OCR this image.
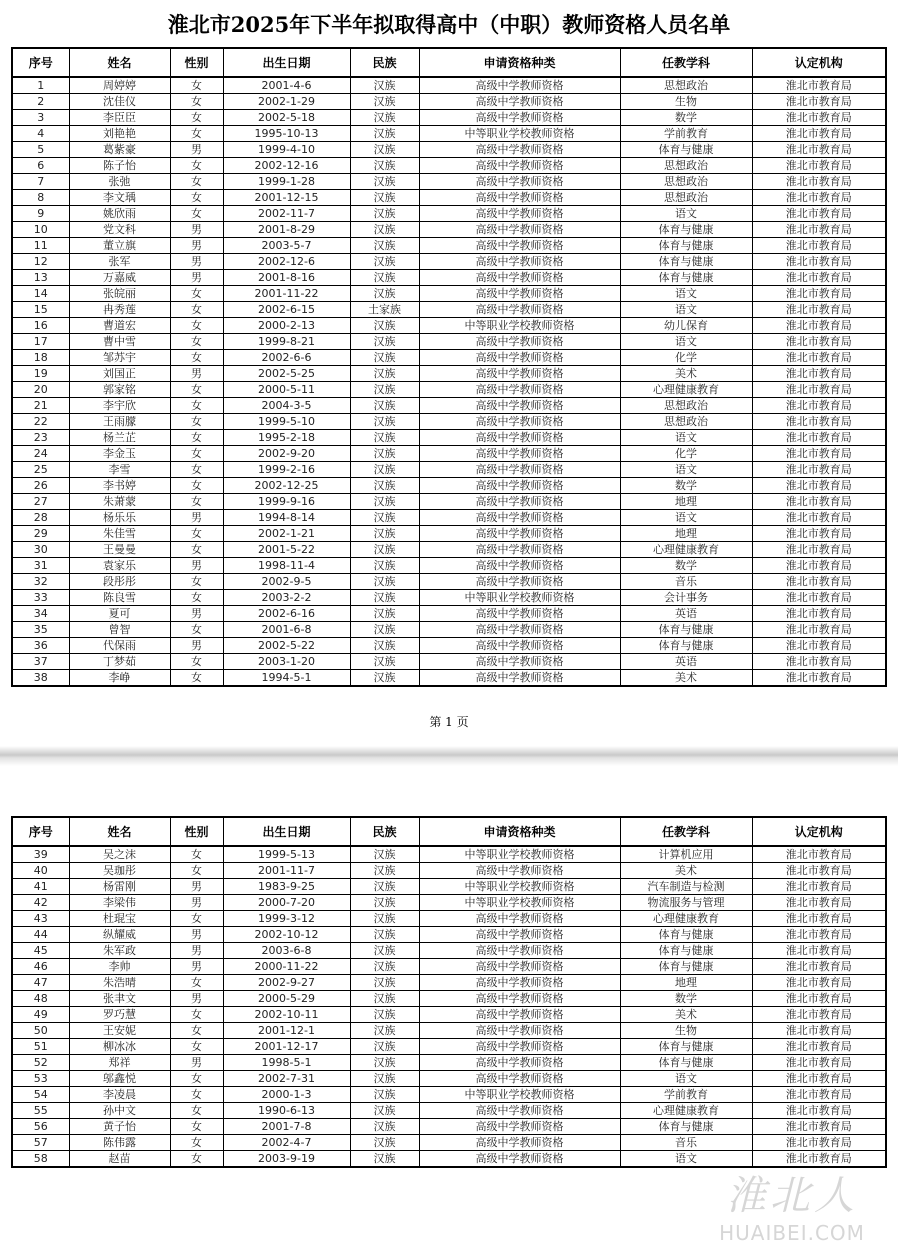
淮北市2025年下半年拟取得高中（中职）教师资格人员名单
序号	姓名	性别	出生日期	民族	申请资格种类	任教学科	认定机构
1	周婷婷	女	2001-4-6	汉族	高级中学教师资格	思想政治	淮北市教育局
2	沈佳仪	女	2002-1-29	汉族	高级中学教师资格	生物	淮北市教育局
3	李臣臣	女	2002-5-18	汉族	高级中学教师资格	数学	淮北市教育局
4	刘艳艳	女	1995-10-13	汉族	中等职业学校教师资格	学前教育	淮北市教育局
5	葛紫豪	男	1999-4-10	汉族	高级中学教师资格	体育与健康	淮北市教育局
6	陈子怡	女	2002-12-16	汉族	高级中学教师资格	思想政治	淮北市教育局
7	张弛	女	1999-1-28	汉族	高级中学教师资格	思想政治	淮北市教育局
8	李文瑀	女	2001-12-15	汉族	高级中学教师资格	思想政治	淮北市教育局
9	姚欣雨	女	2002-11-7	汉族	高级中学教师资格	语文	淮北市教育局
10	党文科	男	2001-8-29	汉族	高级中学教师资格	体育与健康	淮北市教育局
11	董立旗	男	2003-5-7	汉族	高级中学教师资格	体育与健康	淮北市教育局
12	张军	男	2002-12-6	汉族	高级中学教师资格	体育与健康	淮北市教育局
13	万嘉威	男	2001-8-16	汉族	高级中学教师资格	体育与健康	淮北市教育局
14	张皖丽	女	2001-11-22	汉族	高级中学教师资格	语文	淮北市教育局
15	冉秀莲	女	2002-6-15	土家族	高级中学教师资格	语文	淮北市教育局
16	曹道宏	女	2000-2-13	汉族	中等职业学校教师资格	幼儿保育	淮北市教育局
17	曹中雪	女	1999-8-21	汉族	高级中学教师资格	语文	淮北市教育局
18	邹苏宇	女	2002-6-6	汉族	高级中学教师资格	化学	淮北市教育局
19	刘国正	男	2002-5-25	汉族	高级中学教师资格	美术	淮北市教育局
20	郭家铭	女	2000-5-11	汉族	高级中学教师资格	心理健康教育	淮北市教育局
21	李宇欣	女	2004-3-5	汉族	高级中学教师资格	思想政治	淮北市教育局
22	王雨朦	女	1999-5-10	汉族	高级中学教师资格	思想政治	淮北市教育局
23	杨兰芷	女	1995-2-18	汉族	高级中学教师资格	语文	淮北市教育局
24	李金玉	女	2002-9-20	汉族	高级中学教师资格	化学	淮北市教育局
25	李雪	女	1999-2-16	汉族	高级中学教师资格	语文	淮北市教育局
26	李书婷	女	2002-12-25	汉族	高级中学教师资格	数学	淮北市教育局
27	朱萧蒙	女	1999-9-16	汉族	高级中学教师资格	地理	淮北市教育局
28	杨乐乐	男	1994-8-14	汉族	高级中学教师资格	语文	淮北市教育局
29	朱佳雪	女	2002-1-21	汉族	高级中学教师资格	地理	淮北市教育局
30	王曼曼	女	2001-5-22	汉族	高级中学教师资格	心理健康教育	淮北市教育局
31	袁家乐	男	1998-11-4	汉族	高级中学教师资格	数学	淮北市教育局
32	段彤彤	女	2002-9-5	汉族	高级中学教师资格	音乐	淮北市教育局
33	陈良雪	女	2003-2-2	汉族	中等职业学校教师资格	会计事务	淮北市教育局
34	夏可	男	2002-6-16	汉族	高级中学教师资格	英语	淮北市教育局
35	曾智	女	2001-6-8	汉族	高级中学教师资格	体育与健康	淮北市教育局
36	代保雨	男	2002-5-22	汉族	高级中学教师资格	体育与健康	淮北市教育局
37	丁梦茹	女	2003-1-20	汉族	高级中学教师资格	英语	淮北市教育局
38	李峥	女	1994-5-1	汉族	高级中学教师资格	美术	淮北市教育局
第 1 页
序号	姓名	性别	出生日期	民族	申请资格种类	任教学科	认定机构
39	吴之沫	女	1999-5-13	汉族	中等职业学校教师资格	计算机应用	淮北市教育局
40	吴珈彤	女	2001-11-7	汉族	高级中学教师资格	美术	淮北市教育局
41	杨雷刚	男	1983-9-25	汉族	中等职业学校教师资格	汽车制造与检测	淮北市教育局
42	李梁伟	男	2000-7-20	汉族	中等职业学校教师资格	物流服务与管理	淮北市教育局
43	杜琨宝	女	1999-3-12	汉族	高级中学教师资格	心理健康教育	淮北市教育局
44	纵耀威	男	2002-10-12	汉族	高级中学教师资格	体育与健康	淮北市教育局
45	朱军政	男	2003-6-8	汉族	高级中学教师资格	体育与健康	淮北市教育局
46	李帅	男	2000-11-22	汉族	高级中学教师资格	体育与健康	淮北市教育局
47	朱浩晴	女	2002-9-27	汉族	高级中学教师资格	地理	淮北市教育局
48	张聿文	男	2000-5-29	汉族	高级中学教师资格	数学	淮北市教育局
49	罗巧慧	女	2002-10-11	汉族	高级中学教师资格	美术	淮北市教育局
50	王安妮	女	2001-12-1	汉族	高级中学教师资格	生物	淮北市教育局
51	柳冰冰	女	2001-12-17	汉族	高级中学教师资格	体育与健康	淮北市教育局
52	郑祥	男	1998-5-1	汉族	高级中学教师资格	体育与健康	淮北市教育局
53	邬鑫悦	女	2002-7-31	汉族	高级中学教师资格	语文	淮北市教育局
54	李凌晨	女	2000-1-3	汉族	中等职业学校教师资格	学前教育	淮北市教育局
55	孙中文	女	1990-6-13	汉族	高级中学教师资格	心理健康教育	淮北市教育局
56	黄子怡	女	2001-7-8	汉族	高级中学教师资格	体育与健康	淮北市教育局
57	陈伟露	女	2002-4-7	汉族	高级中学教师资格	音乐	淮北市教育局
58	赵苗	女	2003-9-19	汉族	高级中学教师资格	语文	淮北市教育局
淮北人
HUAIBEI.COM
